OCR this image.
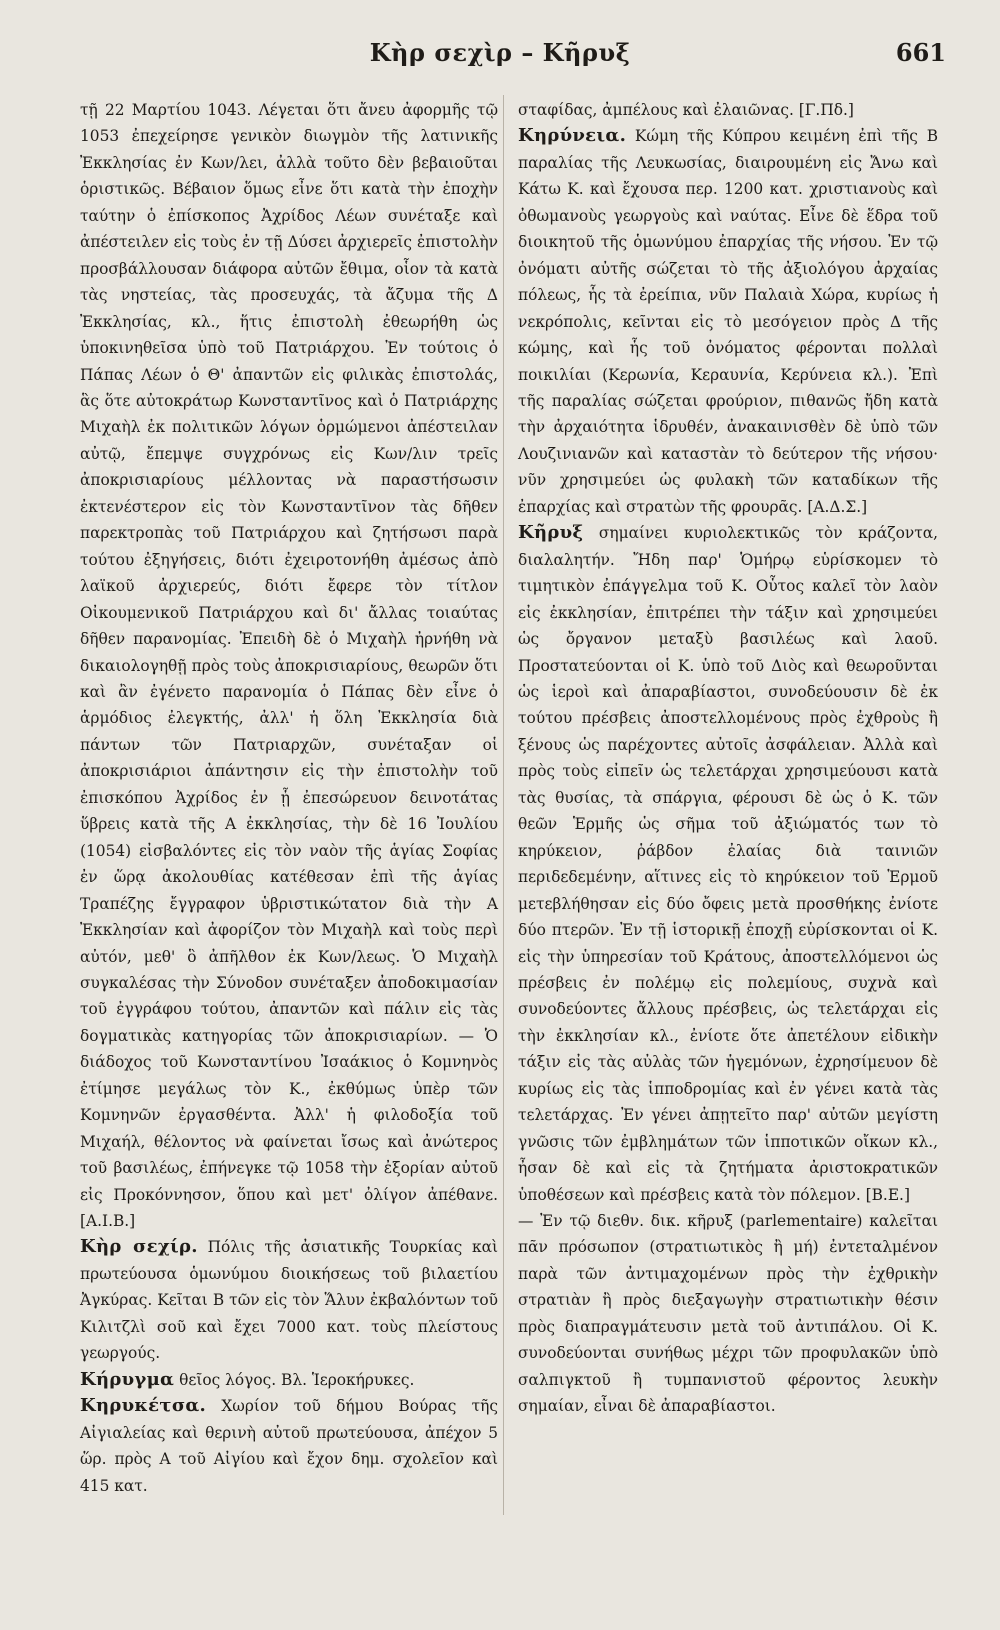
Κὴρ σεχὶρ – Κῆρυξ	661

τῇ 22 Μαρτίου 1043. Λέγεται ὅτι ἄνευ ἀφορμῆς τῷ 1053 ἐπεχείρησε γενικὸν διωγμὸν τῆς λατινικῆς Ἐκκλησίας ἐν Κων/λει, ἀλλὰ τοῦτο δὲν βεβαιοῦται ὁριστικῶς. Βέβαιον ὅμως εἶνε ὅτι κατὰ τὴν ἐποχὴν ταύτην ὁ ἐπίσκοπος Ἀχρίδος Λέων συνέταξε καὶ ἀπέστειλεν εἰς τοὺς ἐν τῇ Δύσει ἀρχιερεῖς ἐπιστολὴν προσβάλλουσαν διάφορα αὐτῶν ἔθιμα, οἷον τὰ κατὰ τὰς νηστείας, τὰς προσευχάς, τὰ ἄζυμα τῆς Δ Ἐκκλησίας, κλ., ἥτις ἐπιστολὴ ἐθεωρήθη ὡς ὑποκινηθεῖσα ὑπὸ τοῦ Πατριάρχου. Ἐν τούτοις ὁ Πάπας Λέων ὁ Θ' ἀπαντῶν εἰς φιλικὰς ἐπιστολάς, ἃς ὅτε αὐτοκράτωρ Κωνσταντῖνος καὶ ὁ Πατριάρχης Μιχαὴλ ἐκ πολιτικῶν λόγων ὁρμώμενοι ἀπέστειλαν αὐτῷ, ἔπεμψε συγχρόνως εἰς Κων/λιν τρεῖς ἀποκρισιαρίους μέλλοντας νὰ παραστήσωσιν ἐκτενέστερον εἰς τὸν Κωνσταντῖνον τὰς δῆθεν παρεκτροπὰς τοῦ Πατριάρχου καὶ ζητήσωσι παρὰ τούτου ἐξηγήσεις, διότι ἐχειροτονήθη ἀμέσως ἀπὸ λαϊκοῦ ἀρχιερεύς, διότι ἔφερε τὸν τίτλον Οἰκουμενικοῦ Πατριάρχου καὶ δι' ἄλλας τοιαύτας δῆθεν παρανομίας. Ἐπειδὴ δὲ ὁ Μιχαὴλ ἠρνήθη νὰ δικαιολογηθῇ πρὸς τοὺς ἀποκρισιαρίους, θεωρῶν ὅτι καὶ ἂν ἐγένετο παρανομία ὁ Πάπας δὲν εἶνε ὁ ἁρμόδιος ἐλεγκτής, ἀλλ' ἡ ὅλη Ἐκκλησία διὰ πάντων τῶν Πατριαρχῶν, συνέταξαν οἱ ἀποκρισιάριοι ἀπάντησιν εἰς τὴν ἐπιστολὴν τοῦ ἐπισκόπου Ἀχρίδος ἐν ᾗ ἐπεσώρευον δεινοτάτας ὕβρεις κατὰ τῆς Α ἐκκλησίας, τὴν δὲ 16 Ἰουλίου (1054) εἰσβαλόντες εἰς τὸν ναὸν τῆς ἁγίας Σοφίας ἐν ὥρᾳ ἀκολουθίας κατέθεσαν ἐπὶ τῆς ἁγίας Τραπέζης ἔγγραφον ὑβριστικώτατον διὰ τὴν Α Ἐκκλησίαν καὶ ἀφορίζον τὸν Μιχαὴλ καὶ τοὺς περὶ αὐτόν, μεθ' ὃ ἀπῆλθον ἐκ Κων/λεως. Ὁ Μιχαὴλ συγκαλέσας τὴν Σύνοδον συνέταξεν ἀποδοκιμασίαν τοῦ ἐγγράφου τούτου, ἀπαντῶν καὶ πάλιν εἰς τὰς δογματικὰς κατηγορίας τῶν ἀποκρισιαρίων. — Ὁ διάδοχος τοῦ Κωνσταντίνου Ἰσαάκιος ὁ Κομνηνὸς ἐτίμησε μεγάλως τὸν Κ., ἐκθύμως ὑπὲρ τῶν Κομνηνῶν ἐργασθέντα. Ἀλλ' ἡ φιλοδοξία τοῦ Μιχαήλ, θέλοντος νὰ φαίνεται ἴσως καὶ ἀνώτερος τοῦ βασιλέως, ἐπήνεγκε τῷ 1058 τὴν ἐξορίαν αὐτοῦ εἰς Προκόννησον, ὅπου καὶ μετ' ὀλίγον ἀπέθανε. [Α.Ι.Β.]

Κὴρ σεχίρ. Πόλις τῆς ἀσιατικῆς Τουρκίας καὶ πρωτεύουσα ὁμωνύμου διοικήσεως τοῦ βιλαετίου Ἀγκύρας. Κεῖται Β τῶν εἰς τὸν Ἅλυν ἐκβαλόντων τοῦ Κιλιτζλὶ σοῦ καὶ ἔχει 7000 κατ. τοὺς πλείστους γεωργούς.

Κήρυγμα θεῖος λόγος. Βλ. Ἱεροκήρυκες.

Κηρυκέτσα. Χωρίον τοῦ δήμου Βούρας τῆς Αἰγιαλείας καὶ θερινὴ αὐτοῦ πρωτεύουσα, ἀπέχον 5 ὥρ. πρὸς Α τοῦ Αἰγίου καὶ ἔχον δημ. σχολεῖον καὶ 415 κατ.

σταφίδας, ἀμπέλους καὶ ἐλαιῶνας. [Γ.Πδ.]

Κηρύνεια. Κώμη τῆς Κύπρου κειμένη ἐπὶ τῆς Β παραλίας τῆς Λευκωσίας, διαιρουμένη εἰς Ἄνω καὶ Κάτω Κ. καὶ ἔχουσα περ. 1200 κατ. χριστιανοὺς καὶ ὀθωμανοὺς γεωργοὺς καὶ ναύτας. Εἶνε δὲ ἕδρα τοῦ διοικητοῦ τῆς ὁμωνύμου ἐπαρχίας τῆς νήσου. Ἐν τῷ ὀνόματι αὐτῆς σώζεται τὸ τῆς ἀξιολόγου ἀρχαίας πόλεως, ἧς τὰ ἐρείπια, νῦν Παλαιὰ Χώρα, κυρίως ἡ νεκρόπολις, κεῖνται εἰς τὸ μεσόγειον πρὸς Δ τῆς κώμης, καὶ ἧς τοῦ ὀνόματος φέρονται πολλαὶ ποικιλίαι (Κερωνία, Κεραυνία, Κερύνεια κλ.). Ἐπὶ τῆς παραλίας σώζεται φρούριον, πιθανῶς ἤδη κατὰ τὴν ἀρχαιότητα ἱδρυθέν, ἀνακαινισθὲν δὲ ὑπὸ τῶν Λουζινιανῶν καὶ καταστὰν τὸ δεύτερον τῆς νήσου· νῦν χρησιμεύει ὡς φυλακὴ τῶν καταδίκων τῆς ἐπαρχίας καὶ στρατὼν τῆς φρουρᾶς. [Α.Δ.Σ.]

Κῆρυξ σημαίνει κυριολεκτικῶς τὸν κράζοντα, διαλαλητήν. Ἤδη παρ' Ὁμήρῳ εὑρίσκομεν τὸ τιμητικὸν ἐπάγγελμα τοῦ Κ. Οὗτος καλεῖ τὸν λαὸν εἰς ἐκκλησίαν, ἐπιτρέπει τὴν τάξιν καὶ χρησιμεύει ὡς ὄργανον μεταξὺ βασιλέως καὶ λαοῦ. Προστατεύονται οἱ Κ. ὑπὸ τοῦ Διὸς καὶ θεωροῦνται ὡς ἱεροὶ καὶ ἀπαραβίαστοι, συνοδεύουσιν δὲ ἐκ τούτου πρέσβεις ἀποστελλομένους πρὸς ἐχθροὺς ἢ ξένους ὡς παρέχοντες αὐτοῖς ἀσφάλειαν. Ἀλλὰ καὶ πρὸς τοὺς εἰπεῖν ὡς τελετάρχαι χρησιμεύουσι κατὰ τὰς θυσίας, τὰ σπάργια, φέρουσι δὲ ὡς ὁ Κ. τῶν θεῶν Ἑρμῆς ὡς σῆμα τοῦ ἀξιώματός των τὸ κηρύκειον, ῥάβδον ἐλαίας διὰ ταινιῶν περιδεδεμένην, αἵτινες εἰς τὸ κηρύκειον τοῦ Ἑρμοῦ μετεβλήθησαν εἰς δύο ὄφεις μετὰ προσθήκης ἐνίοτε δύο πτερῶν. Ἐν τῇ ἱστορικῇ ἐποχῇ εὑρίσκονται οἱ Κ. εἰς τὴν ὑπηρεσίαν τοῦ Κράτους, ἀποστελλόμενοι ὡς πρέσβεις ἐν πολέμῳ εἰς πολεμίους, συχνὰ καὶ συνοδεύοντες ἄλλους πρέσβεις, ὡς τελετάρχαι εἰς τὴν ἐκκλησίαν κλ., ἐνίοτε ὅτε ἀπετέλουν εἰδικὴν τάξιν εἰς τὰς αὐλὰς τῶν ἡγεμόνων, ἐχρησίμευον δὲ κυρίως εἰς τὰς ἱπποδρομίας καὶ ἐν γένει κατὰ τὰς τελετάρχας. Ἐν γένει ἀπῃτεῖτο παρ' αὐτῶν μεγίστη γνῶσις τῶν ἐμβλημάτων τῶν ἱπποτικῶν οἴκων κλ., ἦσαν δὲ καὶ εἰς τὰ ζητήματα ἀριστοκρατικῶν ὑποθέσεων καὶ πρέσβεις κατὰ τὸν πόλεμον. [Β.Ε.]

— Ἐν τῷ διεθν. δικ. κῆρυξ (parlementaire) καλεῖται πᾶν πρόσωπον (στρατιωτικὸς ἢ μή) ἐντεταλμένον παρὰ τῶν ἀντιμαχομένων πρὸς τὴν ἐχθρικὴν στρατιὰν ἢ πρὸς διεξαγωγὴν στρατιωτικὴν θέσιν πρὸς διαπραγμάτευσιν μετὰ τοῦ ἀντιπάλου. Οἱ Κ. συνοδεύονται συνήθως μέχρι τῶν προφυλακῶν ὑπὸ σαλπιγκτοῦ ἢ τυμπανιστοῦ φέροντος λευκὴν σημαίαν, εἶναι δὲ ἀπαραβίαστοι.
